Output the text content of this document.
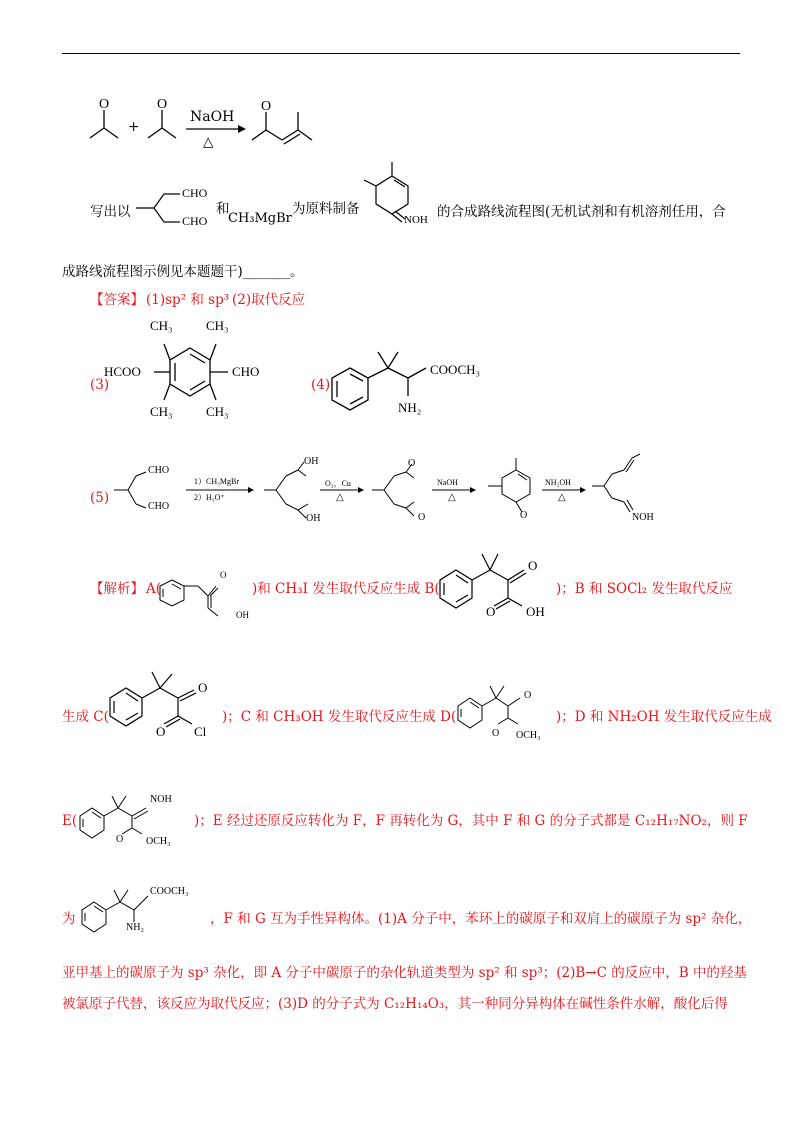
O
+
O
NaOH
△
O
写出以
CHO
CHO
和
CH₃MgBr
为原料制备
NOH 的合成路线流程图(无机试剂和有机溶剂任用，合
成路线流程图示例见本题题干)_______。
【答案】 (1)sp² 和 sp³ (2)取代反应
(3)
CH₃	CH₃
CH₃	CH₃
HCOO	CHO
(4)
COOCH₃
NH₂
(5)
CHO
CHO
1）CH₃MgBr
2）H₃O⁺
OH
OH
O₂，Cu
△
O
O
NaOH
△
O
NH₂OH
△
NOH
【解析】 A(
O
OH
)和 CH₃I 发生取代反应生成 B(
O
O OH
)；B 和 SOCl₂ 发生取代反应
生成 C(
O
O Cl
)；C 和 CH₃OH 发生取代反应生成 D(
O
O OCH₃
)；D 和 NH₂OH 发生取代反应生成
E(
NOH
O OCH₃
)；E 经过还原反应转化为 F，F 再转化为 G，其中 F 和 G 的分子式都是 C₁₂H₁₇NO₂，则 F
为
COOCH₃
NH₂
，F 和 G 互为手性异构体。(1)A 分子中，苯环上的碳原子和双肩上的碳原子为 sp² 杂化，
亚甲基上的碳原子为 sp³ 杂化，即 A 分子中碳原子的杂化轨道类型为 sp² 和 sp³；(2)B→C 的反应中，B 中的羟基
被氯原子代替，该反应为取代反应；(3)D 的分子式为 C₁₂H₁₄O₃，其一种同分异构体在碱性条件水解，酸化后得
